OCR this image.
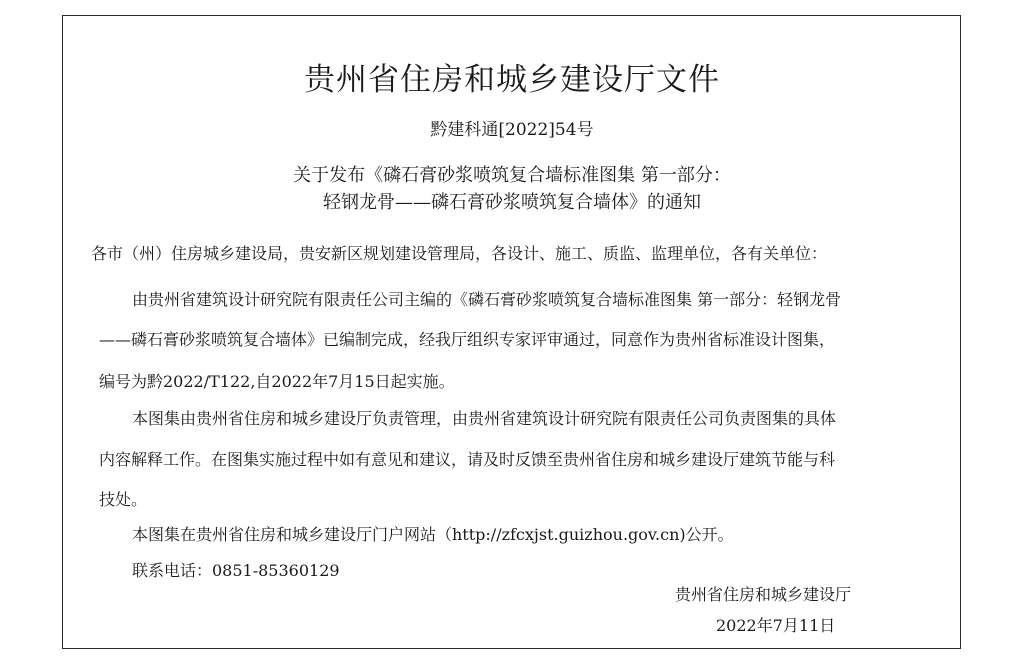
贵州省住房和城乡建设厅文件
黔建科通[2022]54号
关于发布《磷石膏砂浆喷筑复合墙标准图集 第一部分：
轻钢龙骨——磷石膏砂浆喷筑复合墙体》的通知
各市（州）住房城乡建设局，贵安新区规划建设管理局，各设计、施工、质监、监理单位，各有关单位：
由贵州省建筑设计研究院有限责任公司主编的《磷石膏砂浆喷筑复合墙标准图集 第一部分：轻钢龙骨
——磷石膏砂浆喷筑复合墙体》已编制完成，经我厅组织专家评审通过，同意作为贵州省标准设计图集，
编号为黔2022/T122,自2022年7月15日起实施。
本图集由贵州省住房和城乡建设厅负责管理，由贵州省建筑设计研究院有限责任公司负责图集的具体
内容解释工作。在图集实施过程中如有意见和建议，请及时反馈至贵州省住房和城乡建设厅建筑节能与科
技处。
本图集在贵州省住房和城乡建设厅门户网站（http://zfcxjst.guizhou.gov.cn)公开。
联系电话：0851-85360129
贵州省住房和城乡建设厅
2022年7月11日
